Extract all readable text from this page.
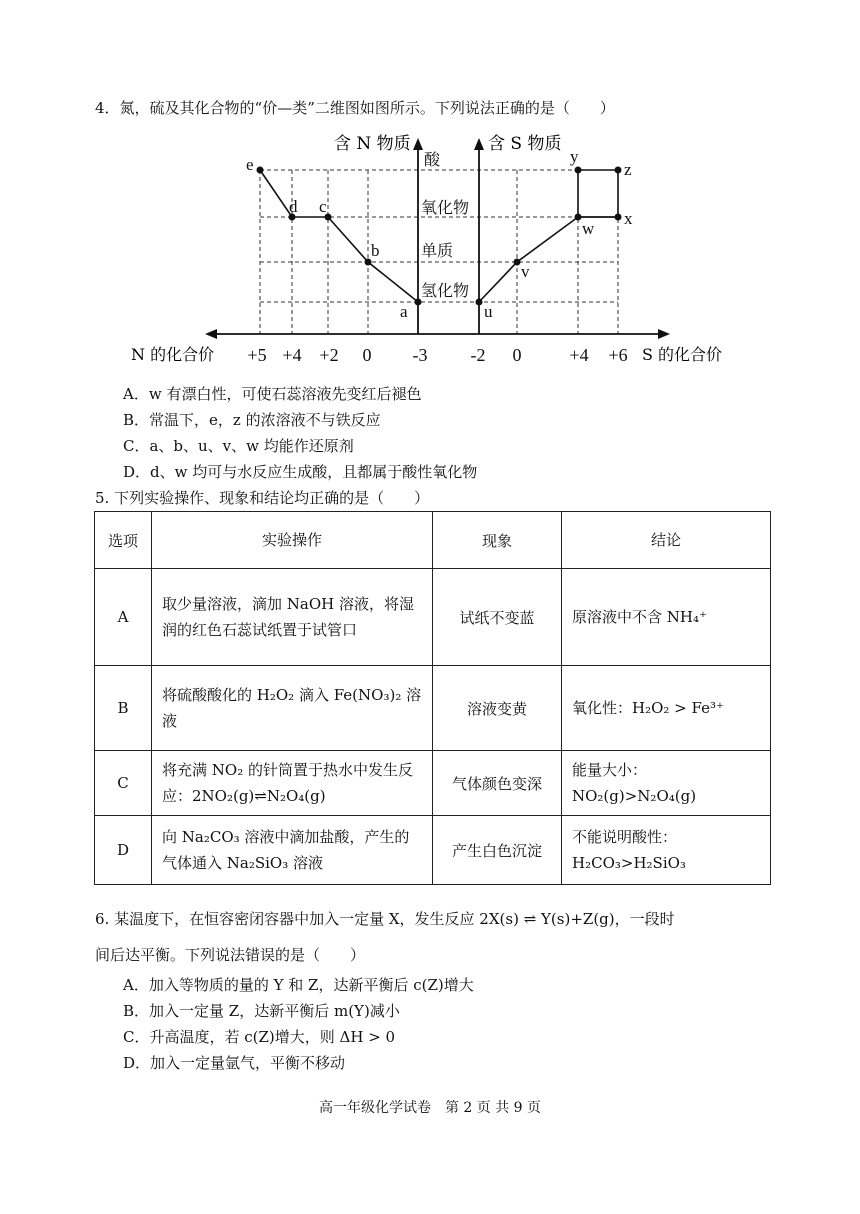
4．氮，硫及其化合物的“价—类”二维图如图所示。下列说法正确的是（　　）
e
d c
b
a	u
v
w
x
y
z
含 N 物质	含 S 物质
酸
氧化物
单质
氢化物
+5 +4 +2 0 -3 -2 0	+4 +6
N 的化合价	S 的化合价
A．w 有漂白性，可使石蕊溶液先变红后褪色
B．常温下，e，z 的浓溶液不与铁反应
C．a、b、u、v、w 均能作还原剂
D．d、w 均可与水反应生成酸，且都属于酸性氧化物
5. 下列实验操作、现象和结论均正确的是（　　）
选项	实验操作	现象	结论
A	取少量溶液，滴加 NaOH 溶液，将湿润的红色石蕊试纸置于试管口	试纸不变蓝	原溶液中不含 NH₄⁺
B	将硫酸酸化的 H₂O₂ 滴入 Fe(NO₃)₂ 溶液	溶液变黄	氧化性：H₂O₂ > Fe³⁺
C	将充满 NO₂ 的针筒置于热水中发生反应：2NO₂(g)⇌N₂O₄(g)	气体颜色变深	能量大小：NO₂(g)>N₂O₄(g)
D	向 Na₂CO₃ 溶液中滴加盐酸，产生的气体通入 Na₂SiO₃ 溶液	产生白色沉淀	不能说明酸性：H₂CO₃>H₂SiO₃
6. 某温度下，在恒容密闭容器中加入一定量 X，发生反应 2X(s) ⇌ Y(s)+Z(g)，一段时
间后达平衡。下列说法错误的是（　　）
A．加入等物质的量的 Y 和 Z，达新平衡后 c(Z)增大
B．加入一定量 Z，达新平衡后 m(Y)减小
C．升高温度，若 c(Z)增大，则 ΔH > 0
D．加入一定量氩气，平衡不移动
高一年级化学试卷　第 2 页 共 9 页
